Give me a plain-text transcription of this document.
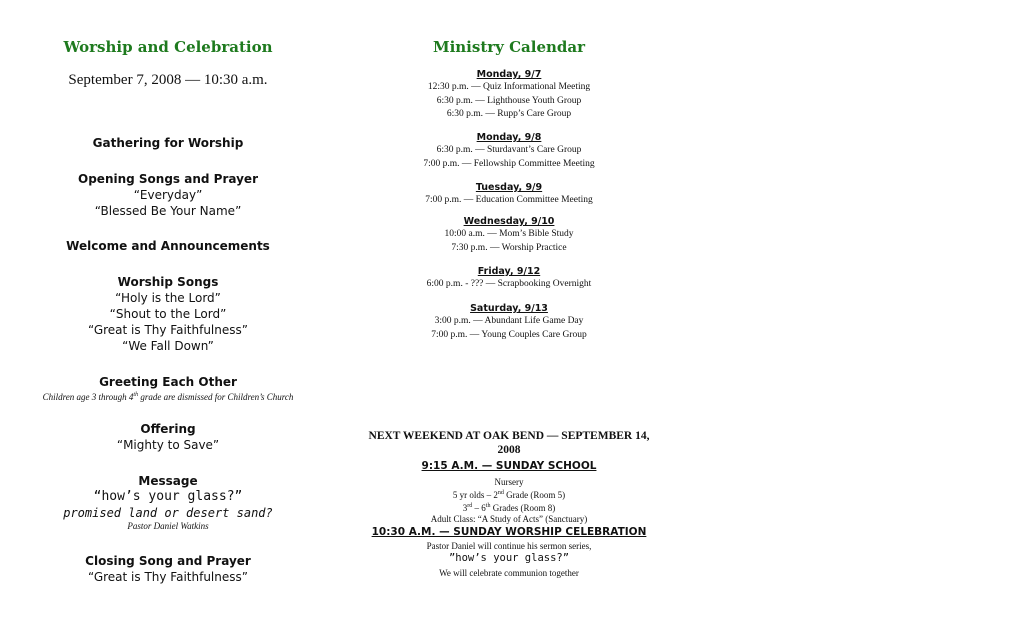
Worship and Celebration
September 7, 2008 — 10:30 a.m.
Gathering for Worship
Opening Songs and Prayer
“Everyday”
“Blessed Be Your Name”
Welcome and Announcements
Worship Songs
“Holy is the Lord”
“Shout to the Lord”
“Great is Thy Faithfulness”
“We Fall Down”
Greeting Each Other
Children age 3 through 4th grade are dismissed for Children’s Church
Offering
“Mighty to Save”
Message
“how’s your glass?”
promised land or desert sand?
Pastor Daniel Watkins
Closing Song and Prayer
“Great is Thy Faithfulness”
Ministry Calendar
Monday, 9/7
12:30 p.m. — Quiz Informational Meeting
6:30 p.m. — Lighthouse Youth Group
6:30 p.m. — Rupp’s Care Group
Monday, 9/8
6:30 p.m. — Sturdavant’s Care Group
7:00 p.m. — Fellowship Committee Meeting
Tuesday, 9/9
7:00 p.m. — Education Committee Meeting
Wednesday, 9/10
10:00 a.m. — Mom’s Bible Study
7:30 p.m. — Worship Practice
Friday, 9/12
6:00 p.m. - ??? — Scrapbooking Overnight
Saturday, 9/13
3:00 p.m. — Abundant Life Game Day
7:00 p.m. — Young Couples Care Group
NEXT WEEKEND AT OAK BEND — SEPTEMBER 14,
2008
9:15 A.M. — SUNDAY SCHOOL
Nursery
5 yr olds – 2nd Grade (Room 5)
3rd – 6th Grades (Room 8)
Adult Class: “A Study of Acts” (Sanctuary)
10:30 A.M. — SUNDAY WORSHIP CELEBRATION
Pastor Daniel will continue his sermon series,
”how’s your glass?”
We will celebrate communion together
